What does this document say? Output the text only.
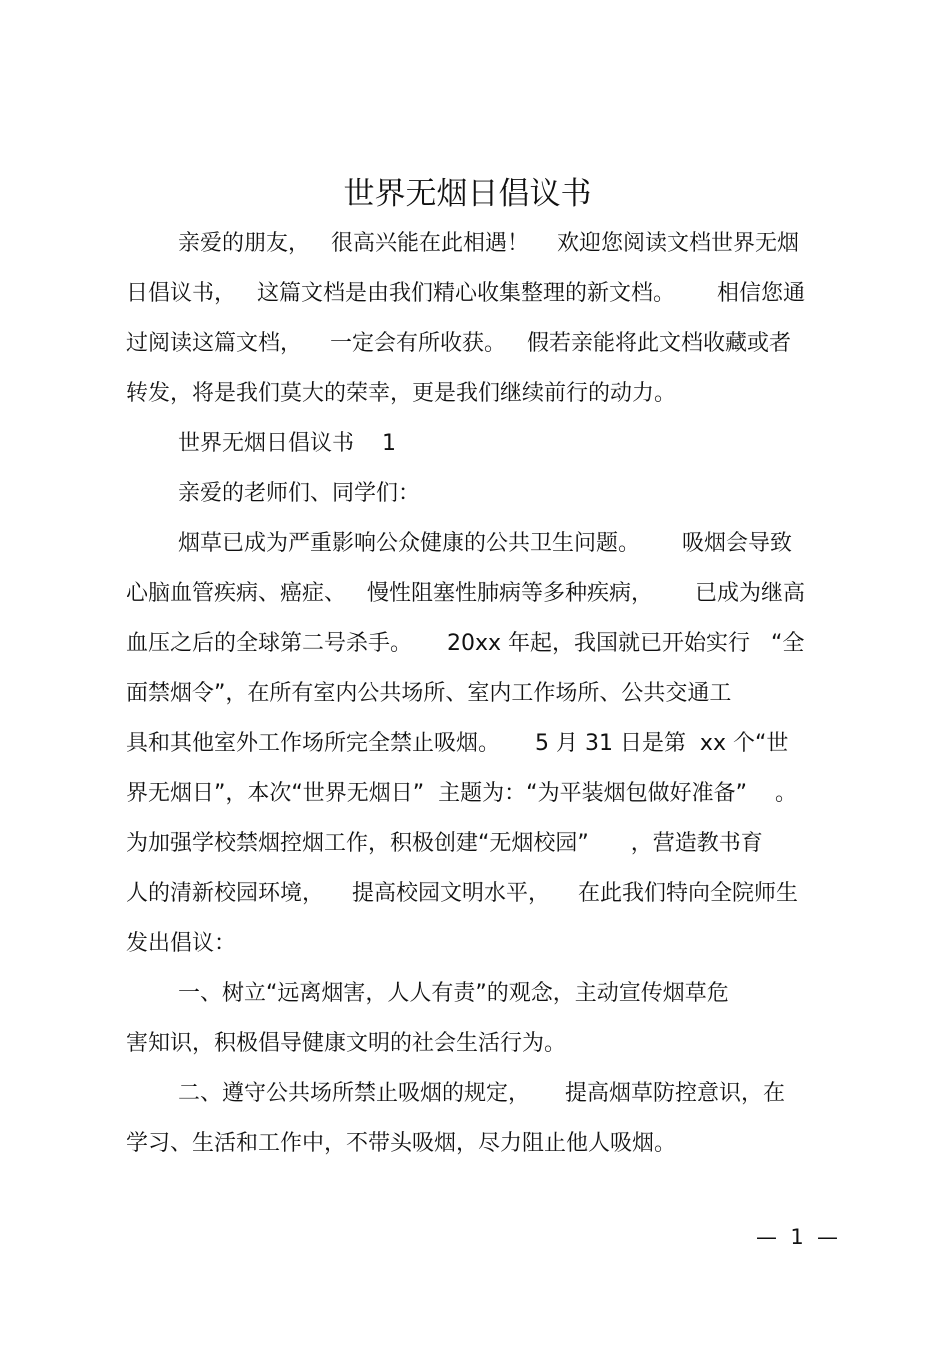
世界无烟日倡议书
亲爱的朋友，   很高兴能在此相遇！    欢迎您阅读文档世界无烟
日倡议书，   这篇文档是由我们精心收集整理的新文档。      相信您通
过阅读这篇文档，    一定会有所收获。   假若亲能将此文档收藏或者
转发，将是我们莫大的荣幸，更是我们继续前行的动力。
世界无烟日倡议书    1
亲爱的老师们、同学们：
烟草已成为严重影响公众健康的公共卫生问题。      吸烟会导致
心脑血管疾病、癌症、   慢性阻塞性肺病等多种疾病，      已成为继高
血压之后的全球第二号杀手。     20xx 年起，我国就已开始实行   “全
面禁烟令”，在所有室内公共场所、室内工作场所、公共交通工
具和其他室外工作场所完全禁止吸烟。     5 月 31 日是第  xx 个“世
界无烟日”，本次“世界无烟日”  主题为：“为平装烟包做好准备”    。
为加强学校禁烟控烟工作，积极创建“无烟校园”      ，营造教书育
人的清新校园环境，    提高校园文明水平，    在此我们特向全院师生
发出倡议：
一、树立“远离烟害，人人有责”的观念，主动宣传烟草危
害知识，积极倡导健康文明的社会生活行为。
二、遵守公共场所禁止吸烟的规定，     提高烟草防控意识，在
学习、生活和工作中，不带头吸烟，尽力阻止他人吸烟。
—  1  —
